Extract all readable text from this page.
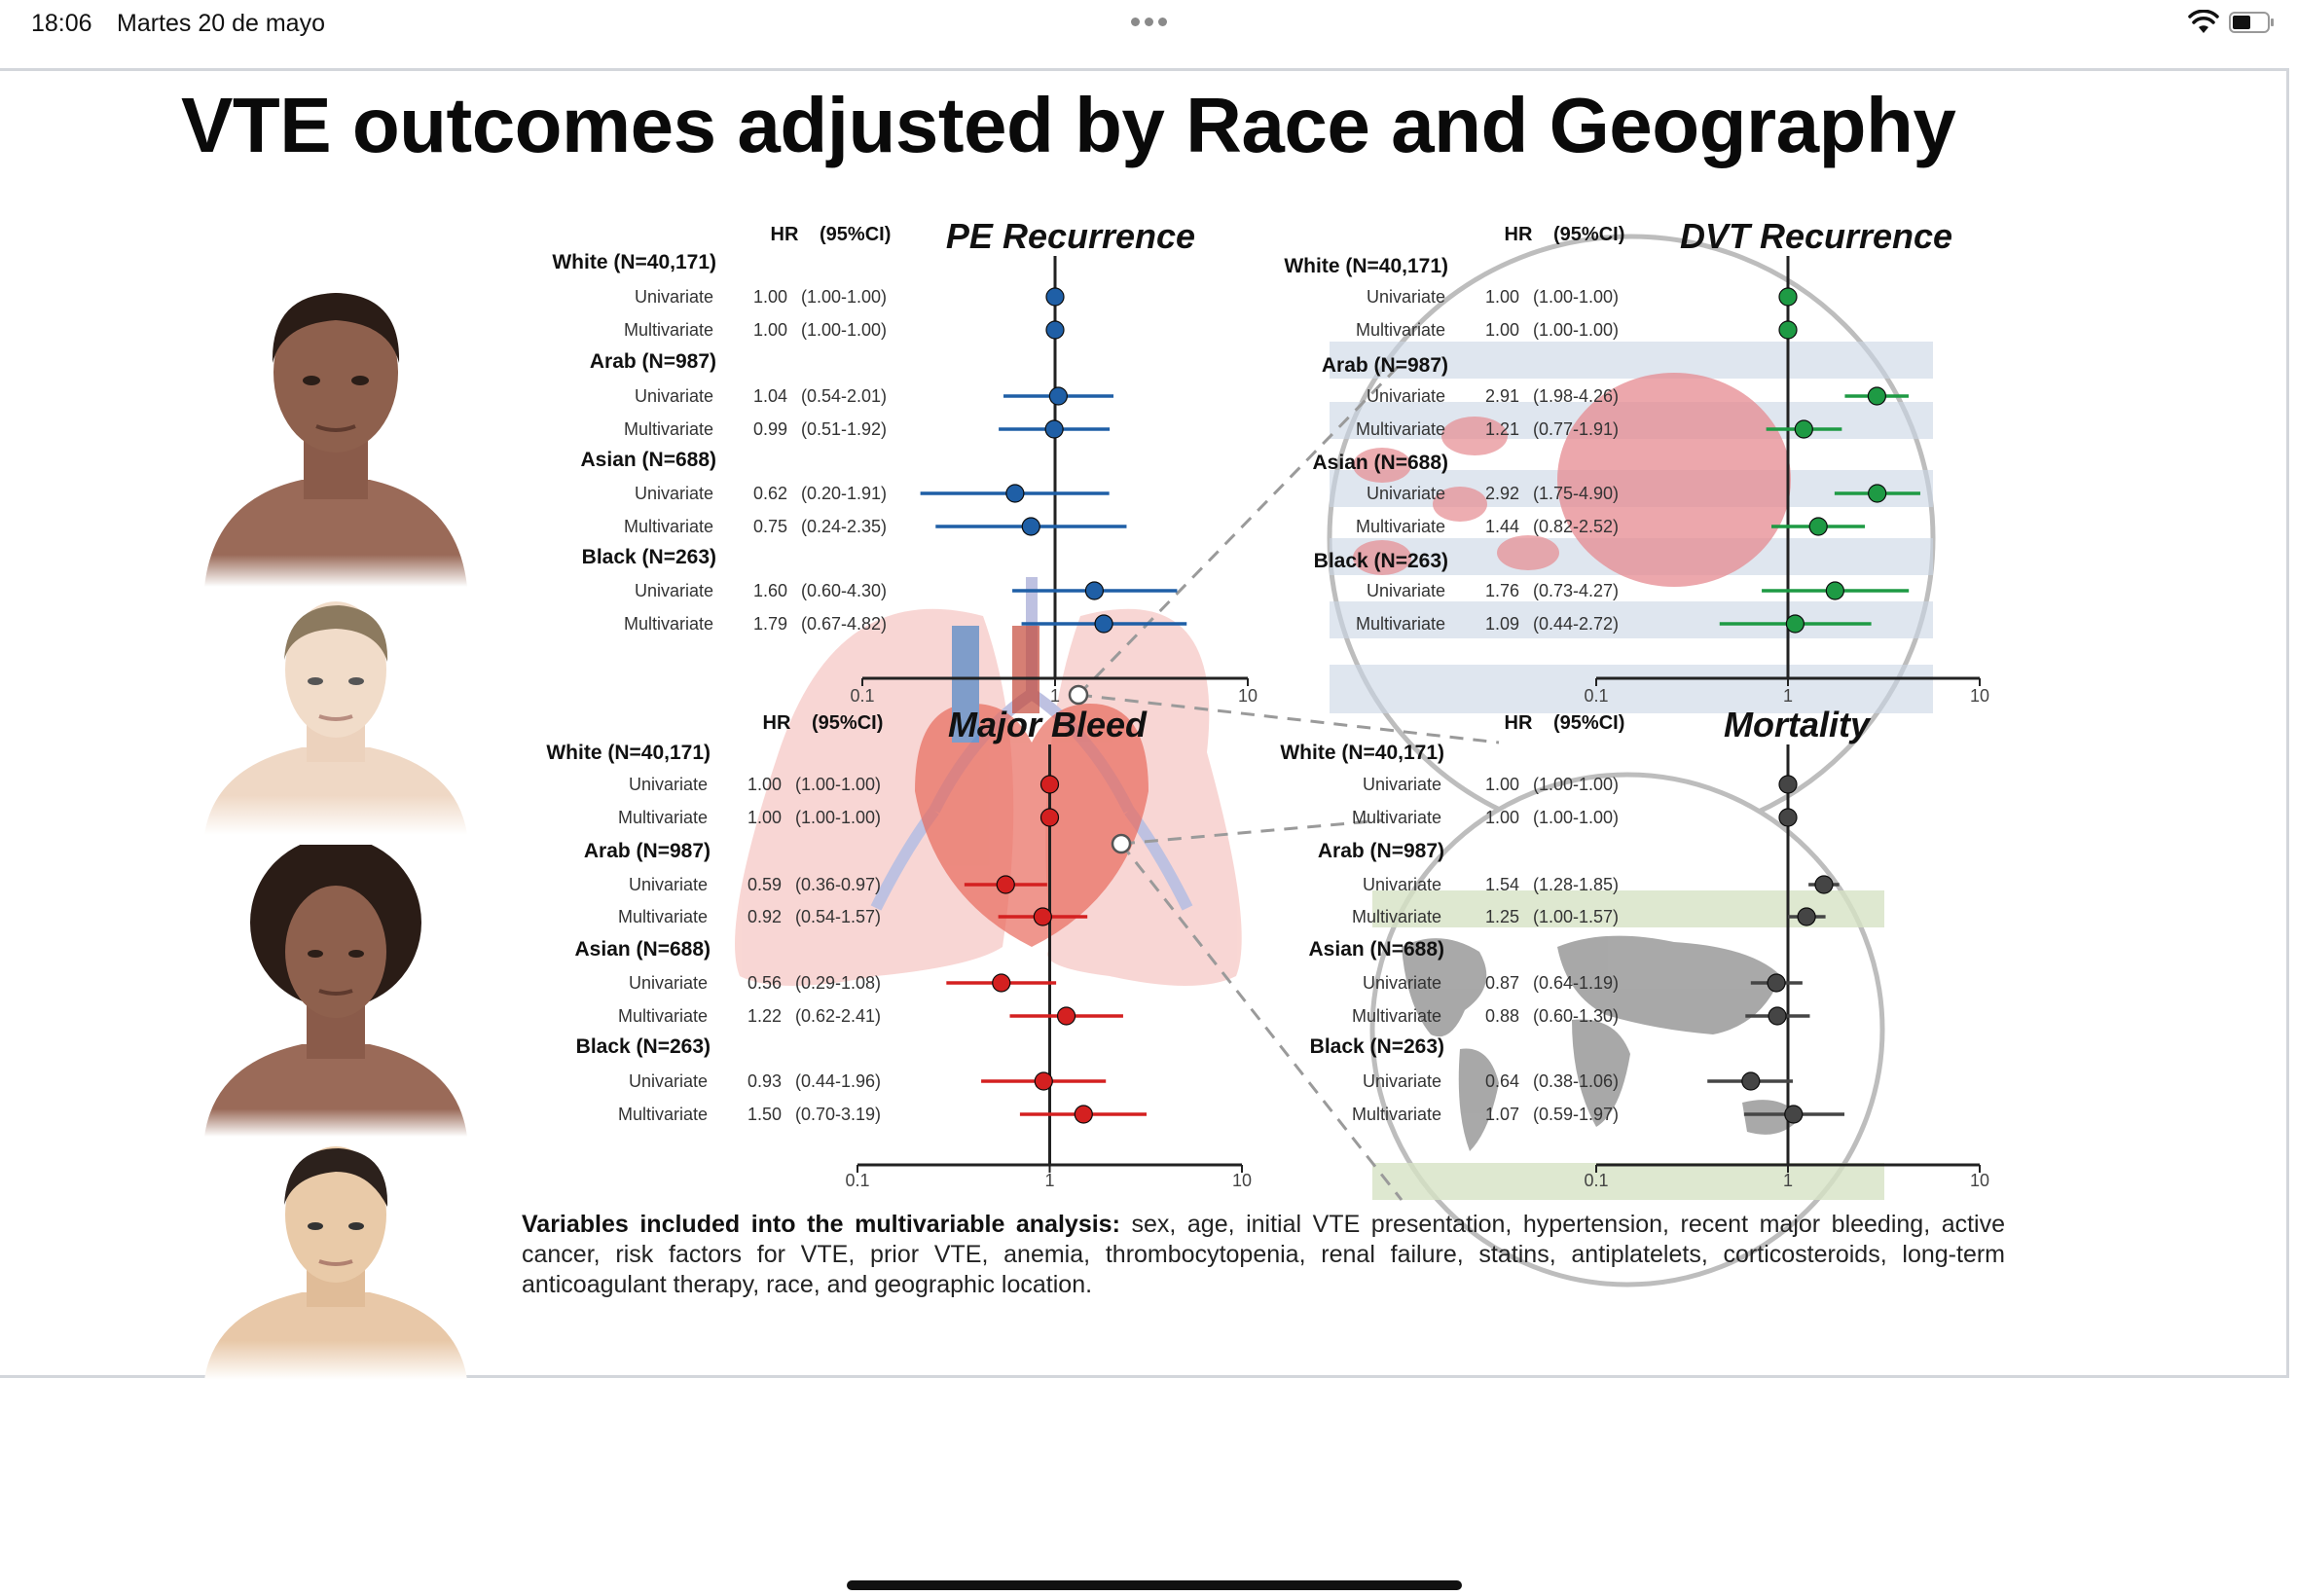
18:06 Martes 20 de mayo
VTE outcomes adjusted by Race and Geography
PE Recurrence
HR (95%CI)
0.1	1	10
White (N=40,171)
Univariate 1.00 (1.00-1.00)
Multivariate 1.00 (1.00-1.00)
Arab (N=987)
Univariate 1.04 (0.54-2.01)
Multivariate 0.99 (0.51-1.92)
Asian (N=688)
Univariate 0.62 (0.20-1.91)
Multivariate 0.75 (0.24-2.35)
Black (N=263)
Univariate 1.60 (0.60-4.30)
Multivariate 1.79 (0.67-4.82)
DVT Recurrence
HR (95%CI)
0.1	1	10
White (N=40,171)
Univariate 1.00 (1.00-1.00)
Multivariate 1.00 (1.00-1.00)
Arab (N=987)
Univariate 2.91 (1.98-4.26)
Multivariate 1.21 (0.77-1.91)
Asian (N=688)
Univariate 2.92 (1.75-4.90)
Multivariate 1.44 (0.82-2.52)
Black (N=263)
Univariate 1.76 (0.73-4.27)
Multivariate 1.09 (0.44-2.72)
Major Bleed
HR (95%CI)
0.1	1	10
White (N=40,171)
Univariate 1.00 (1.00-1.00)
Multivariate 1.00 (1.00-1.00)
Arab (N=987)
Univariate 0.59 (0.36-0.97)
Multivariate 0.92 (0.54-1.57)
Asian (N=688)
Univariate 0.56 (0.29-1.08)
Multivariate 1.22 (0.62-2.41)
Black (N=263)
Univariate 0.93 (0.44-1.96)
Multivariate 1.50 (0.70-3.19)
Mortality
HR (95%CI)
0.1	1	10
White (N=40,171)
Univariate	1.00 (1.00-1.00)
Multivariate	1.00 (1.00-1.00)
Arab (N=987)
Univariate	1.54 (1.28-1.85)
Multivariate	1.25 (1.00-1.57)
Asian (N=688)
Univariate	0.87 (0.64-1.19)
Multivariate	0.88 (0.60-1.30)
Black (N=263)
Univariate	0.64 (0.38-1.06)
Multivariate	1.07 (0.59-1.97)
Variables included into the multivariable analysis: sex, age, initial VTE presentation, hypertension, recent major bleeding, active cancer, risk factors for VTE, prior VTE, anemia, thrombocytopenia, renal failure, statins, antiplatelets, corticosteroids, long-term anticoagulant therapy, race, and geographic location.
